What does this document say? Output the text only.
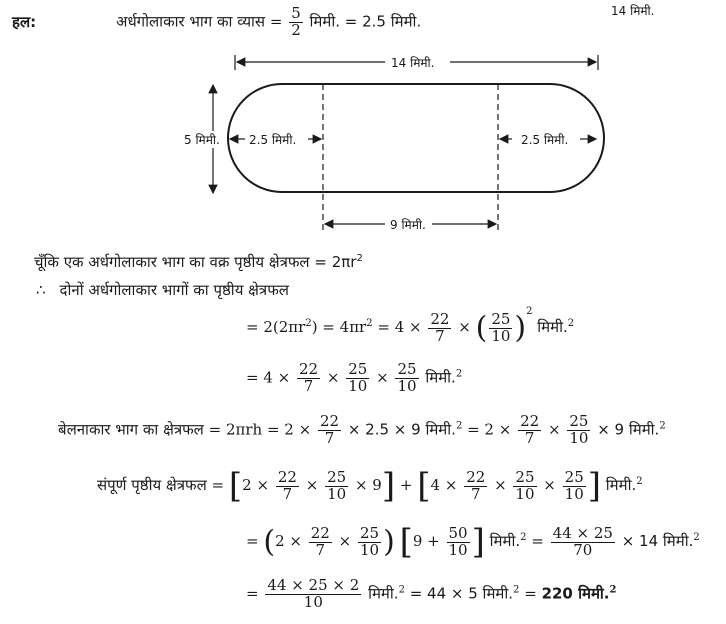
14 मिमी.
हल:	अर्धगोलाकार भाग का व्यास = $\frac{5}{2}$ मिमी. = 2.5 मिमी.
14 मिमी.
5 मिमी. 2.5 मिमी.	2.5 मिमी.
9 मिमी.
चूँकि एक अर्धगोलाकार भाग का वक्र पृष्ठीय क्षेत्रफल = $2\pi r^2$
∴ दोनों अर्धगोलाकार भागों का पृष्ठीय क्षेत्रफल
= $2(2\pi r^2) = 4\pi r^2 = 4 \times \frac{22}{7}$ × ( $\frac{25}{10} )^2$ मिमी.$^2$
= $4 \times \frac{22}{7} \times \frac{25}{10} \times \frac{25}{10}$ मिमी.$^2$
बेलनाकार भाग का क्षेत्रफल = $2\pi rh = 2 \times \frac{22}{7} \times 2.5 \times 9$ मिमी.$^2$ = $2 \times \frac{22}{7} \times \frac{25}{10} \times 9$ मिमी.$^2$
संपूर्ण पृष्ठीय क्षेत्रफल = $[2 \times \frac{22}{7} \times \frac{25}{10} \times 9] + [4 \times \frac{22}{7} \times \frac{25}{10} \times \frac{25}{10}$ ] मिमी.$^2$
= ($2 \times \frac{22}{7} \times \frac{25}{10}$ ) [$9 + \frac{50}{10}$ ] मिमी.$^2$ = $\frac{44 \times 25}{70} \times 14$ मिमी.$^2$
= $\frac{44 \times 25 \times 2}{10}$ मिमी.$^2$ = 44 × 5 मिमी.$^2$ = 220 मिमी.$^2$
